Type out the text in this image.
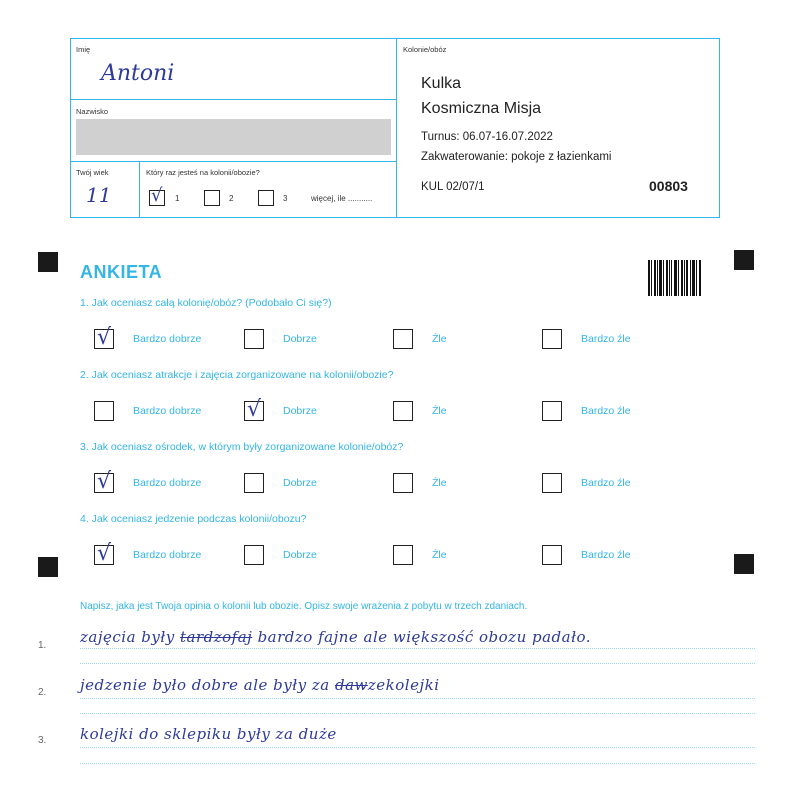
Imię
Antoni
Nazwisko
Twój wiek
11
Który raz jesteś na kolonii/obozie?
√ 1	2	3	więcej, ile ...........
Kolonie/obóz
Kulka
Kosmiczna Misja
Turnus: 06.07-16.07.2022
Zakwaterowanie: pokoje z łazienkami
KUL 02/07/1	00803
ANKIETA
1. Jak oceniasz całą kolonię/obóz? (Podobało Ci się?)
√ Bardzo dobrze	Dobrze	Źle	Bardzo źle
2. Jak oceniasz atrakcje i zajęcia zorganizowane na kolonii/obozie?
Bardzo dobrze √ Dobrze	Źle	Bardzo źle
3. Jak oceniasz ośrodek, w którym były zorganizowane kolonie/obóz?
√ Bardzo dobrze	Dobrze	Źle	Bardzo źle
4. Jak oceniasz jedzenie podczas kolonii/obozu?
√ Bardzo dobrze	Dobrze	Źle	Bardzo źle
Napisz, jaka jest Twoja opinia o kolonii lub obozie. Opisz swoje wrażenia z pobytu w trzech zdaniach.
1. zajęcia były tardzofaj bardzo fajne ale większość obozu padało.
2. jedzenie było dobre ale były za dawzekolejki
3. kolejki do sklepiku były za duże
